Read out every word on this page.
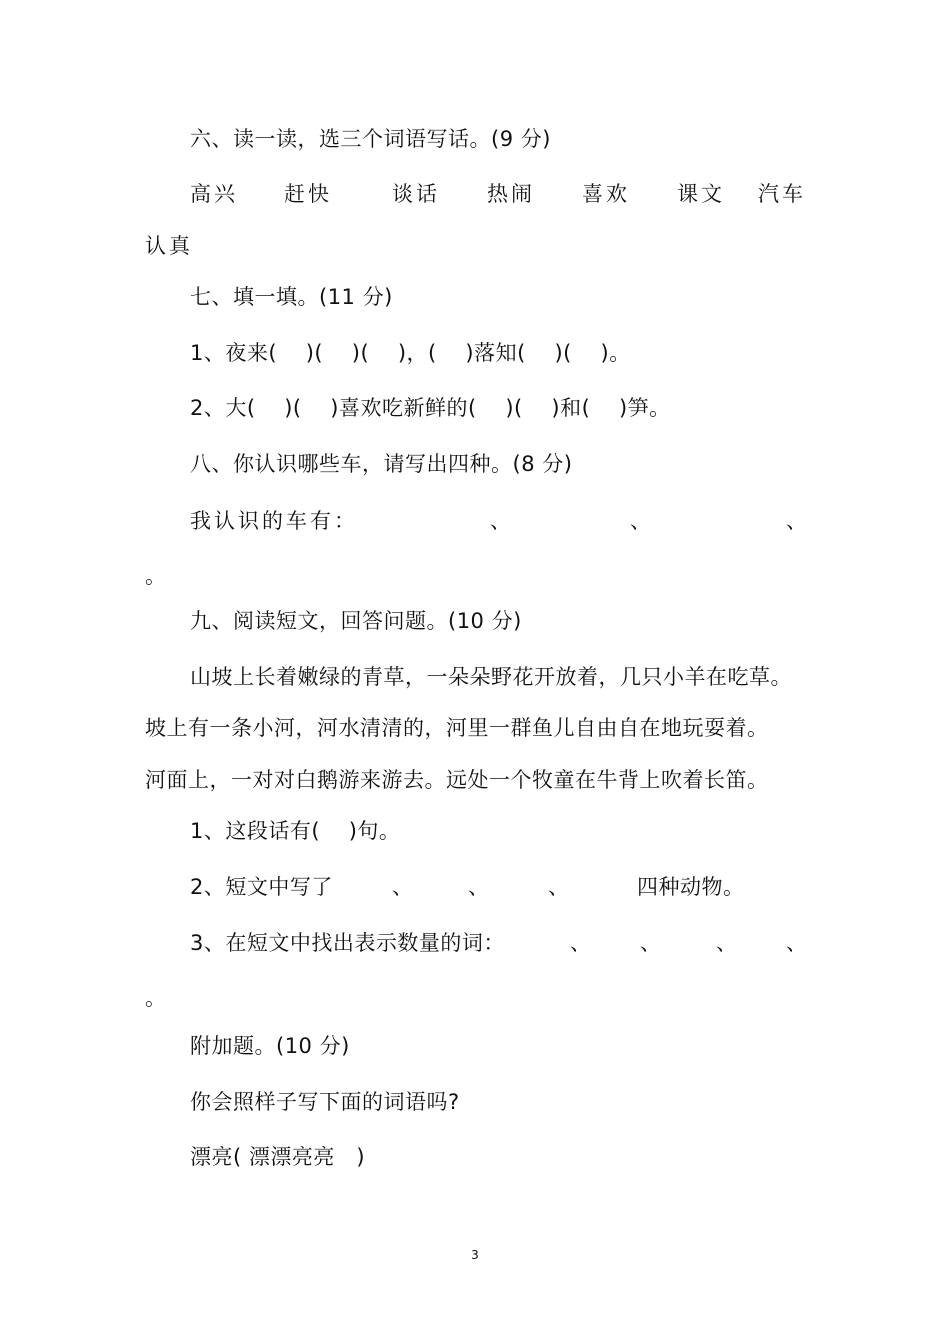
六、读一读，选三个词语写话。(9 分)
高兴 赶快	谈话 热闹 喜欢 课文 汽车
认真
七、填一填。(11 分)
1、夜来(　 )(　 )(　 )，(　 )落知(　 )(　 )。
2、大(　 )(　 )喜欢吃新鲜的(　 )(　 )和(　 )笋。
八、你认识哪些车，请写出四种。(8 分)
我认识的车有：	、	、	、
。
九、阅读短文，回答问题。(10 分)
山坡上长着嫩绿的青草，一朵朵野花开放着，几只小羊在吃草。
坡上有一条小河，河水清清的，河里一群鱼儿自由自在地玩耍着。
河面上，一对对白鹅游来游去。远处一个牧童在牛背上吹着长笛。
1、这段话有(　 )句。
2、短文中写了	、	、	、	四种动物。
3、在短文中找出表示数量的词：	、 、	、 、
。
附加题。(10 分)
你会照样子写下面的词语吗?
漂亮( 漂漂亮亮　)
3
